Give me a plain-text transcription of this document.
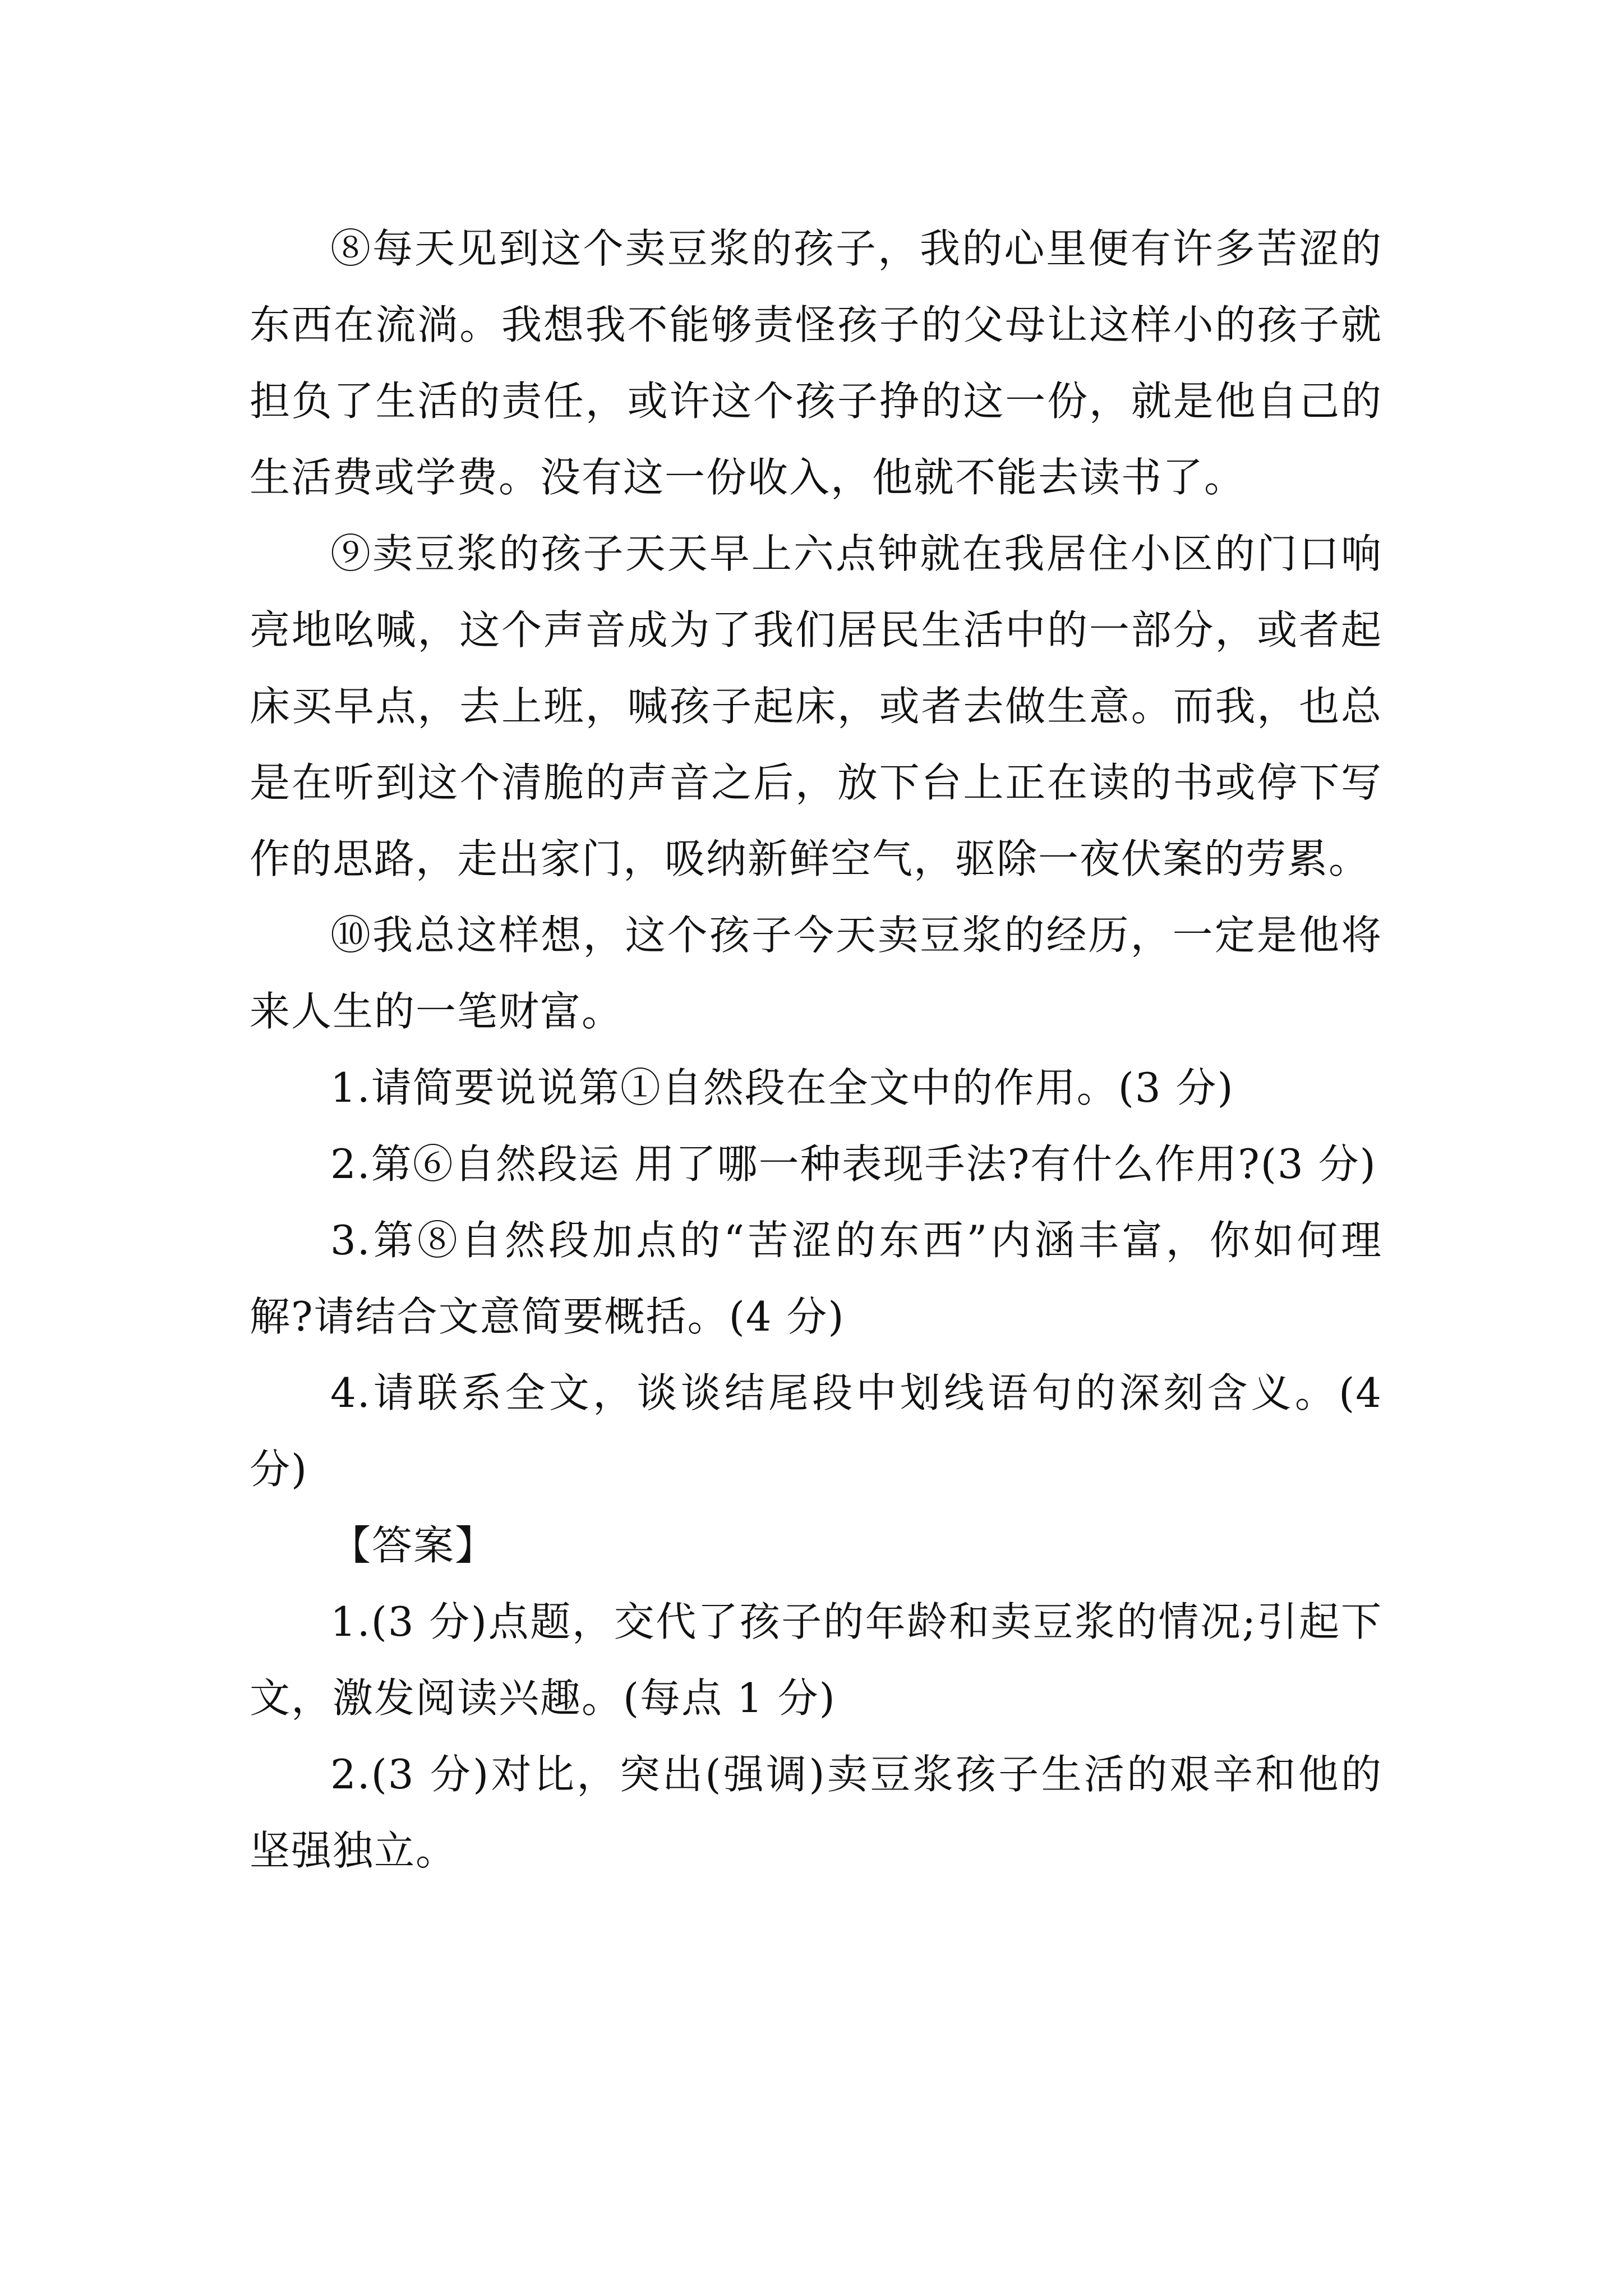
⑧每天见到这个卖豆浆的孩子，我的心里便有许多苦涩的东西在流淌。我想我不能够责怪孩子的父母让这样小的孩子就担负了生活的责任，或许这个孩子挣的这一份，就是他自己的生活费或学费。没有这一份收入，他就不能去读书了。

⑨卖豆浆的孩子天天早上六点钟就在我居住小区的门口响亮地吆喊，这个声音成为了我们居民生活中的一部分，或者起床买早点，去上班，喊孩子起床，或者去做生意。而我，也总是在听到这个清脆的声音之后，放下台上正在读的书或停下写作的思路，走出家门，吸纳新鲜空气，驱除一夜伏案的劳累。

⑩我总这样想，这个孩子今天卖豆浆的经历，一定是他将来人生的一笔财富。

1.请简要说说第①自然段在全文中的作用。(3 分)

2.第⑥自然段运 用了哪一种表现手法?有什么作用?(3 分)

3.第⑧自然段加点的“苦涩的东西”内涵丰富，你如何理解?请结合文意简要概括。(4 分)

4.请联系全文，谈谈结尾段中划线语句的深刻含义。(4 分)

【答案】

1.(3 分)点题，交代了孩子的年龄和卖豆浆的情况;引起下文，激发阅读兴趣。(每点 1 分)

2.(3 分)对比，突出(强调)卖豆浆孩子生活的艰辛和他的坚强独立。
